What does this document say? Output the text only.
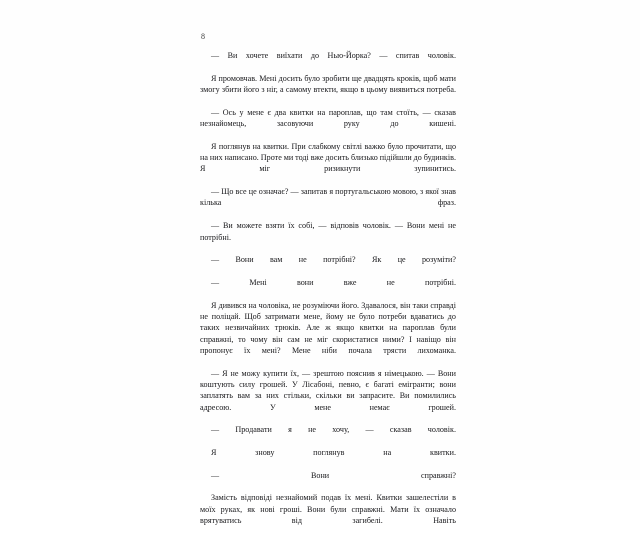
8

— Ви хочете виїхати до Нью-Йорка? — спитав чоловік.

Я промовчав. Мені досить було зробити ще двадцять кроків, щоб мати змогу збити його з ніг, а самому втекти, якщо в цьому виявиться потреба.

— Ось у мене є два квитки на пароплав, що там стоїть, — сказав незнайомець, засовуючи руку до кишені.

Я поглянув на квитки. При слабкому світлі важко було прочитати, що на них написано. Проте ми тоді вже досить близько підійшли до будинків. Я міг ризикнути зупинитись.

— Що все це означає? — запитав я португальською мовою, з якої знав кілька фраз.

— Ви можете взяти їх собі, — відповів чоловік. — Вони мені не потрібні.

— Вони вам не потрібні? Як це розуміти?

— Мені вони вже не потрібні.

Я дивився на чоловіка, не розуміючи його. Здавалося, він таки справді не поліцай. Щоб затримати мене, йому не було потреби вдаватись до таких незвичайних трюків. Але ж якщо квитки на пароплав були справжні, то чому він сам не міг скористатися ними? І навіщо він пропонує їх мені? Мене ніби почала трясти лихоманка.

— Я не можу купити їх, — зрештою пояснив я німецькою. — Вони коштують силу грошей. У Лісабоні, певно, є багаті емігранти; вони заплатять вам за них стільки, скільки ви запрасите. Ви помилились адресою. У мене немає грошей.

— Продавати я не хочу, — сказав чоловік.

Я знову поглянув на квитки.

— Вони справжні?

Замість відповіді незнайомий подав їх мені. Квитки зашелестіли в моїх руках, як нові гроші. Вони були справжні. Мати їх означало врятуватись від загибелі. Навіть
